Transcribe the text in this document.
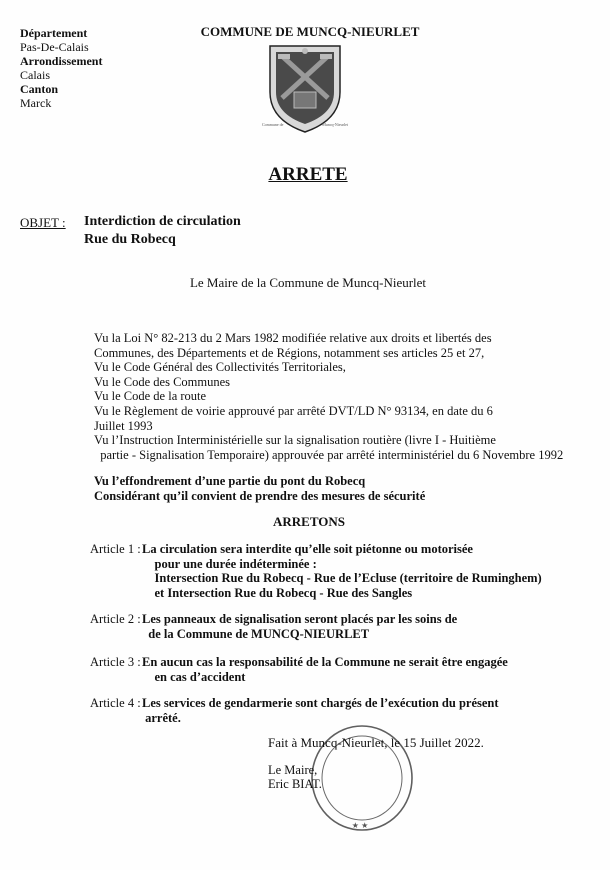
Département
Pas-De-Calais
Arrondissement
Calais
Canton
Marck
COMMUNE DE MUNCQ-NIEURLET
Commune de	Muncq-Nieurlet
ARRETE
OBJET : Interdiction de circulation
Rue du Robecq
Le Maire de la Commune de Muncq-Nieurlet
Vu la Loi N° 82-213 du 2 Mars 1982 modifiée relative aux droits et libertés des
Communes, des Départements et de Régions, notamment ses articles 25 et 27,
Vu le Code Général des Collectivités Territoriales,
Vu le Code des Communes
Vu le Code de la route
Vu le Règlement de voirie approuvé par arrêté DVT/LD N° 93134, en date du 6
Juillet 1993
Vu l’Instruction Interministérielle sur la signalisation routière (livre I - Huitième
partie - Signalisation Temporaire) approuvée par arrêté interministériel du 6 Novembre 1992
Vu l’effondrement d’une partie du pont du Robecq
Considérant qu’il convient de prendre des mesures de sécurité
ARRETONS
Article 1 : La circulation sera interdite qu’elle soit piétonne ou motorisée
pour une durée indéterminée :
Intersection Rue du Robecq - Rue de l’Ecluse (territoire de Ruminghem)
et Intersection Rue du Robecq - Rue des Sangles
Article 2 : Les panneaux de signalisation seront placés par les soins de
de la Commune de MUNCQ-NIEURLET
Article 3 : En aucun cas la responsabilité de la Commune ne serait être engagée
en cas d’accident
Article 4 : Les services de gendarmerie sont chargés de l’exécution du présent
arrêté.
★ ★
Fait à Muncq-Nieurlet, le 15 Juillet 2022.
Le Maire,
Eric BIAT.
